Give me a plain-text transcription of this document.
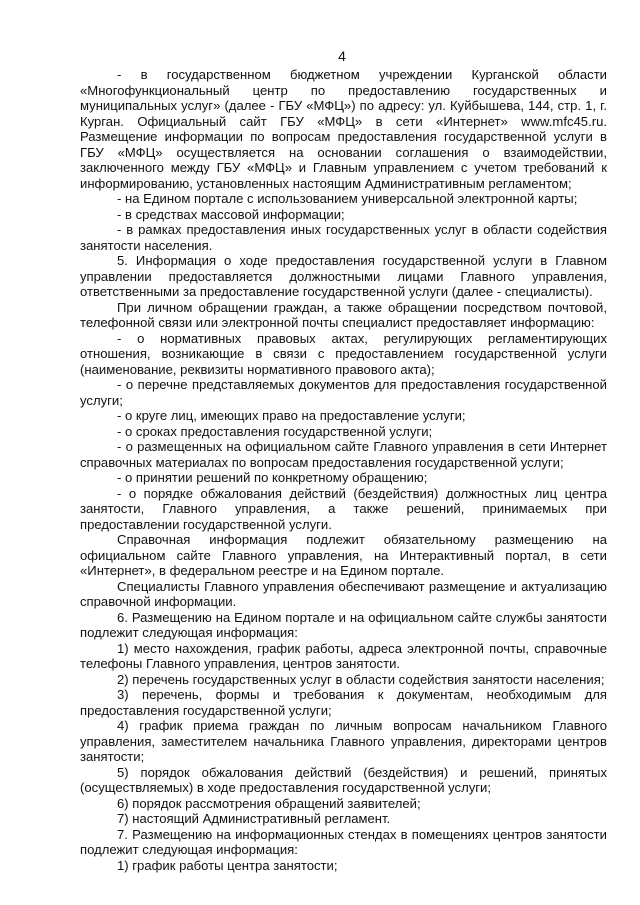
4

- в государственном бюджетном учреждении Курганской области «Многофункциональный центр по предоставлению государственных и муниципальных услуг» (далее - ГБУ «МФЦ») по адресу: ул. Куйбышева, 144, стр. 1, г. Курган. Официальный сайт ГБУ «МФЦ» в сети «Интернет» www.mfc45.ru. Размещение информации по вопросам предоставления государственной услуги в ГБУ «МФЦ» осуществляется на основании соглашения о взаимодействии, заключенного между ГБУ «МФЦ» и Главным управлением с учетом требований к информированию, установленных настоящим Административным регламентом;

- на Едином портале с использованием универсальной электронной карты;

- в средствах массовой информации;

- в рамках предоставления иных государственных услуг в области содействия занятости населения.

5. Информация о ходе предоставления государственной услуги в Главном управлении предоставляется должностными лицами Главного управления, ответственными за предоставление государственной услуги (далее - специалисты).

При личном обращении граждан, а также обращении посредством почтовой, телефонной связи или электронной почты специалист предоставляет информацию:

- о нормативных правовых актах, регулирующих регламентирующих отношения, возникающие в связи с предоставлением государственной услуги (наименование, реквизиты нормативного правового акта);

- о перечне представляемых документов для предоставления государственной услуги;

- о круге лиц, имеющих право на предоставление услуги;

- о сроках предоставления государственной услуги;

- о размещенных на официальном сайте Главного управления в сети Интернет справочных материалах по вопросам предоставления государственной услуги;

- о принятии решений по конкретному обращению;

- о порядке обжалования действий (бездействия) должностных лиц центра занятости, Главного управления, а также решений, принимаемых при предоставлении государственной услуги.

Справочная информация подлежит обязательному размещению на официальном сайте Главного управления, на Интерактивный портал, в сети «Интернет», в федеральном реестре и на Едином портале.

Специалисты Главного управления обеспечивают размещение и актуализацию справочной информации.

6. Размещению на Едином портале и на официальном сайте службы занятости подлежит следующая информация:

1) место нахождения, график работы, адреса электронной почты, справочные телефоны Главного управления, центров занятости.

2) перечень государственных услуг в области содействия занятости населения;

3) перечень, формы и требования к документам, необходимым для предоставления государственной услуги;

4) график приема граждан по личным вопросам начальником Главного управления, заместителем начальника Главного управления, директорами центров занятости;

5) порядок обжалования действий (бездействия) и решений, принятых (осуществляемых) в ходе предоставления государственной услуги;

6) порядок рассмотрения обращений заявителей;

7) настоящий Административный регламент.

7. Размещению на информационных стендах в помещениях центров занятости подлежит следующая информация:

1) график работы центра занятости;
